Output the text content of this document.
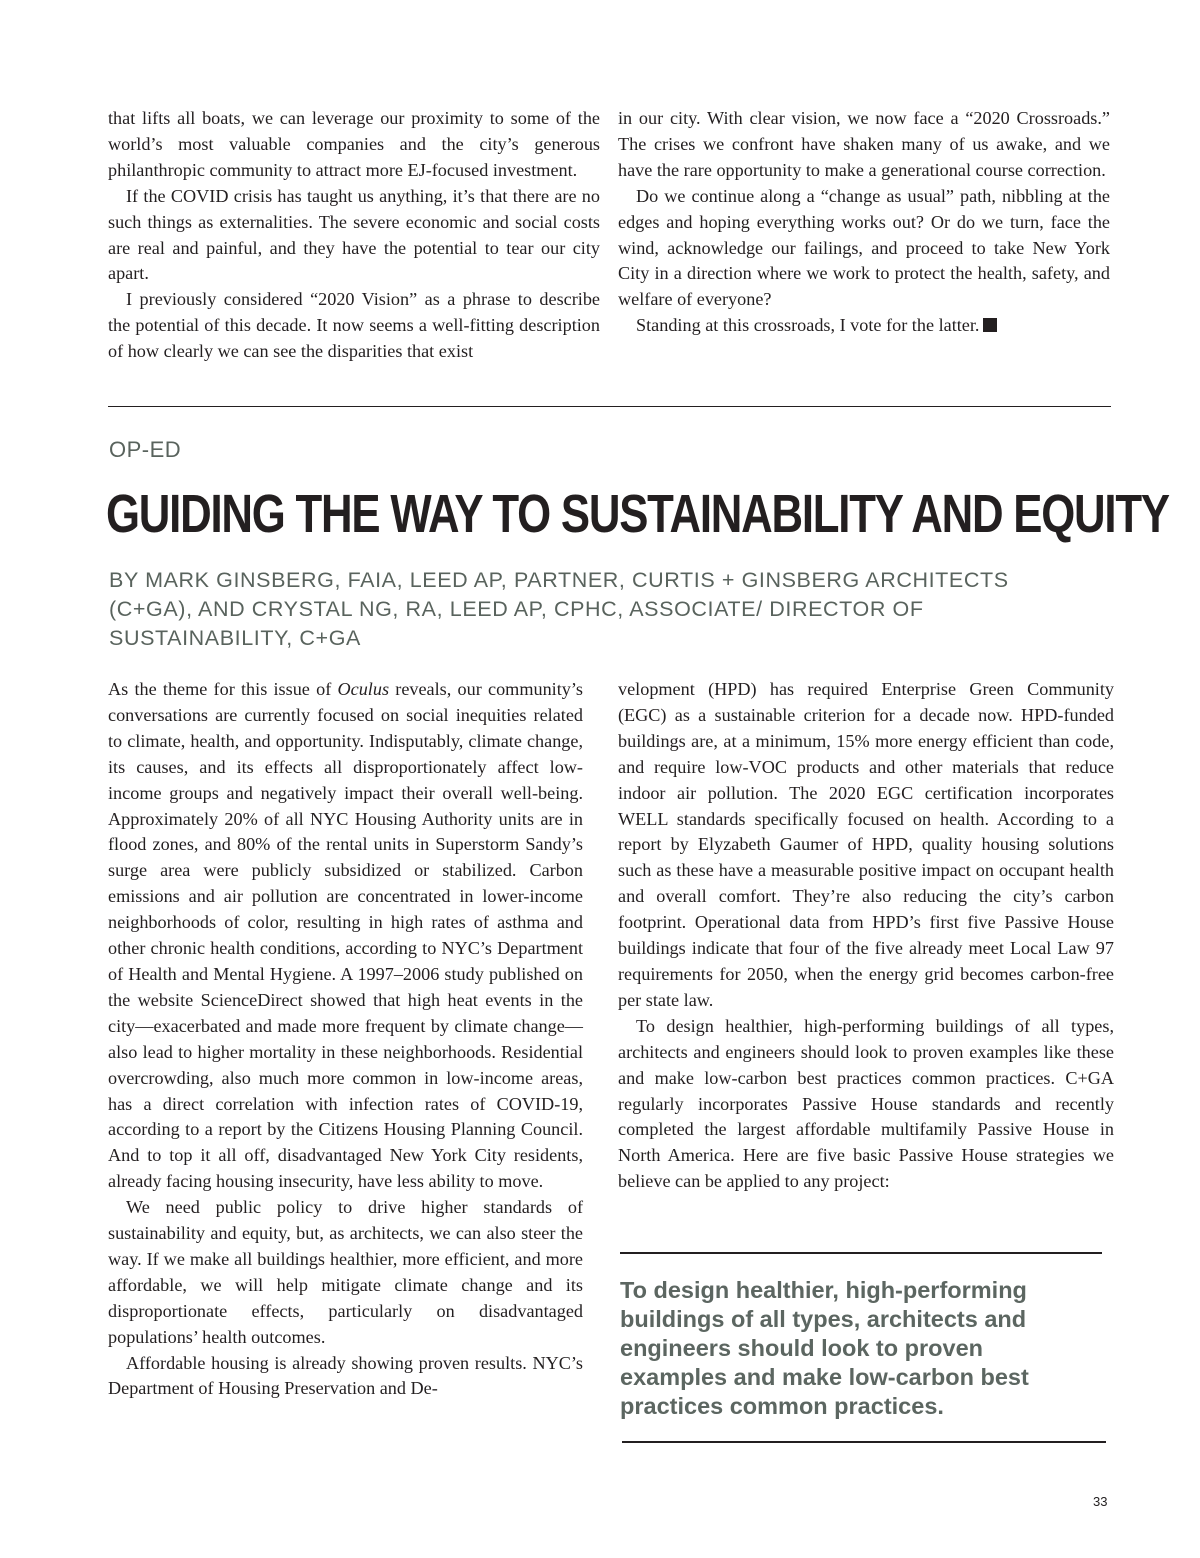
that lifts all boats, we can leverage our proximity to some of the world’s most valuable companies and the city’s generous philanthropic community to attract more EJ-focused investment.

If the COVID crisis has taught us anything, it’s that there are no such things as externalities. The severe economic and social costs are real and painful, and they have the potential to tear our city apart.

I previously considered “2020 Vision” as a phrase to describe the potential of this decade. It now seems a well-fitting description of how clearly we can see the disparities that exist

in our city. With clear vision, we now face a “2020 Crossroads.” The crises we confront have shaken many of us awake, and we have the rare opportunity to make a generational course correction.

Do we continue along a “change as usual” path, nibbling at the edges and hoping everything works out? Or do we turn, face the wind, acknowledge our failings, and proceed to take New York City in a direction where we work to protect the health, safety, and welfare of everyone?

Standing at this crossroads, I vote for the latter.

OP-ED
GUIDING THE WAY TO SUSTAINABILITY AND EQUITY
BY MARK GINSBERG, FAIA, LEED AP, PARTNER, CURTIS + GINSBERG ARCHITECTS (C+GA), AND CRYSTAL NG, RA, LEED AP, CPHC, ASSOCIATE/ DIRECTOR OF SUSTAINABILITY, C+GA

As the theme for this issue of Oculus reveals, our community’s conversations are currently focused on social inequities related to climate, health, and opportunity. Indisputably, climate change, its causes, and its effects all disproportionately affect low-income groups and negatively impact their overall well-being. Approximately 20% of all NYC Housing Authority units are in flood zones, and 80% of the rental units in Superstorm Sandy’s surge area were publicly subsidized or stabilized. Carbon emissions and air pollution are concentrated in lower-income neighborhoods of color, resulting in high rates of asthma and other chronic health conditions, according to NYC’s Department of Health and Mental Hygiene. A 1997–2006 study published on the website ScienceDirect showed that high heat events in the city—exacerbated and made more frequent by climate change—also lead to higher mortality in these neighborhoods. Residential overcrowding, also much more common in low-income areas, has a direct correlation with infection rates of COVID-19, according to a report by the Citizens Housing Planning Council. And to top it all off, disadvantaged New York City residents, already facing housing insecurity, have less ability to move.

We need public policy to drive higher standards of sustainability and equity, but, as architects, we can also steer the way. If we make all buildings healthier, more efficient, and more affordable, we will help mitigate climate change and its disproportionate effects, particularly on disadvantaged populations’ health outcomes.

Affordable housing is already showing proven results. NYC’s Department of Housing Preservation and De-

velopment (HPD) has required Enterprise Green Community (EGC) as a sustainable criterion for a decade now. HPD-funded buildings are, at a minimum, 15% more energy efficient than code, and require low-VOC products and other materials that reduce indoor air pollution. The 2020 EGC certification incorporates WELL standards specifically focused on health. According to a report by Elyzabeth Gaumer of HPD, quality housing solutions such as these have a measurable positive impact on occupant health and overall comfort. They’re also reducing the city’s carbon footprint. Operational data from HPD’s first five Passive House buildings indicate that four of the five already meet Local Law 97 requirements for 2050, when the energy grid becomes carbon-free per state law.

To design healthier, high-performing buildings of all types, architects and engineers should look to proven examples like these and make low-carbon best practices common practices. C+GA regularly incorporates Passive House standards and recently completed the largest affordable multifamily Passive House in North America. Here are five basic Passive House strategies we believe can be applied to any project:

To design healthier, high-performing buildings of all types, architects and engineers should look to proven examples and make low-carbon best practices common practices.

33
